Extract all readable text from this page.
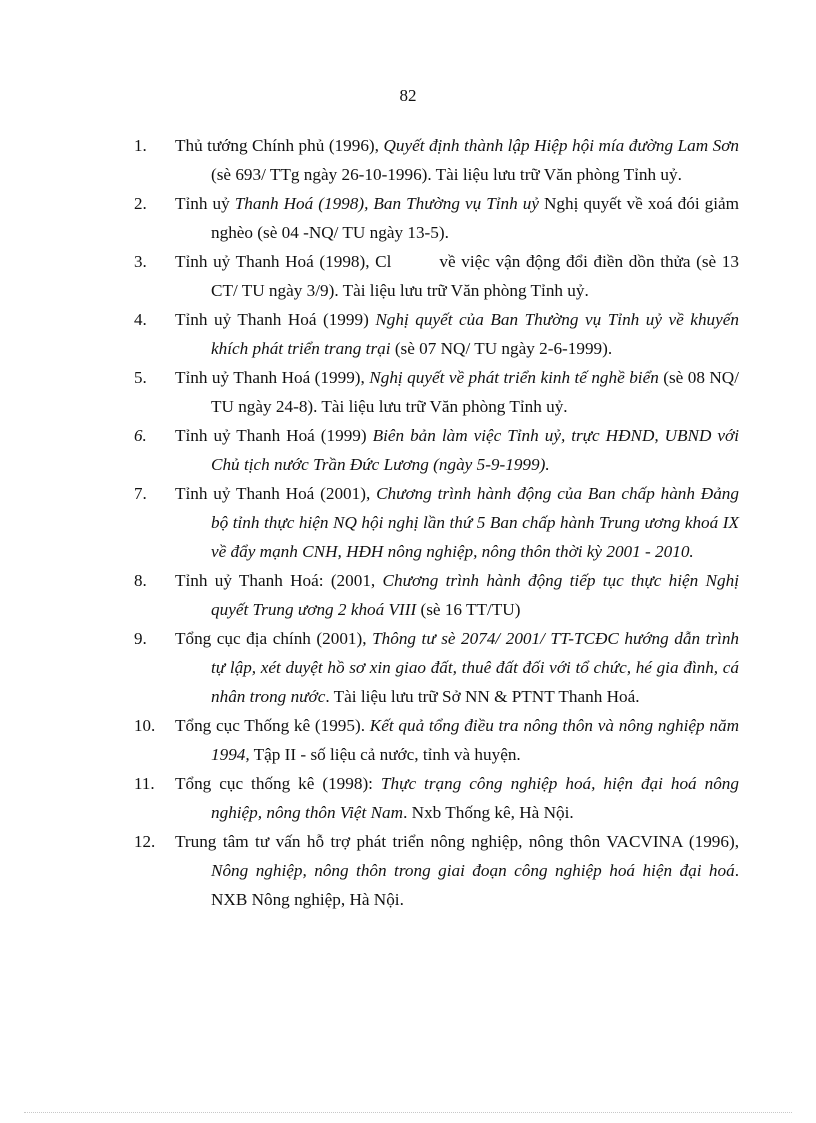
82
1. Thủ tướng Chính phủ (1996), Quyết định thành lập Hiệp hội mía đường Lam Sơn (sè 693/ TTg ngày 26-10-1996). Tài liệu lưu trữ Văn phòng Tỉnh uỷ.
2. Tỉnh uỷ Thanh Hoá (1998), Ban Thường vụ Tỉnh uỷ Nghị quyết về xoá đói giảm nghèo (sè 04 -NQ/ TU ngày 13-5).
3. Tỉnh uỷ Thanh Hoá (1998), Cl	về việc vận động đổi điền dồn thửa (sè 13 CT/ TU ngày 3/9). Tài liệu lưu trữ Văn phòng Tỉnh uỷ.
4. Tỉnh uỷ Thanh Hoá (1999) Nghị quyết của Ban Thường vụ Tỉnh uỷ về khuyến khích phát triển trang trại (sè 07 NQ/ TU ngày 2-6-1999).
5. Tỉnh uỷ Thanh Hoá (1999), Nghị quyết về phát triển kinh tế nghề biển (sè 08 NQ/ TU ngày 24-8). Tài liệu lưu trữ Văn phòng Tỉnh uỷ.
6. Tỉnh uỷ Thanh Hoá (1999) Biên bản làm việc Tỉnh uỷ, trực HĐND, UBND với Chủ tịch nước Trần Đức Lương (ngày 5-9-1999).
7. Tỉnh uỷ Thanh Hoá (2001), Chương trình hành động của Ban chấp hành Đảng bộ tỉnh thực hiện NQ hội nghị lần thứ 5 Ban chấp hành Trung ương khoá IX về đẩy mạnh CNH, HĐH nông nghiệp, nông thôn thời kỳ 2001 - 2010.
8. Tỉnh uỷ Thanh Hoá: (2001, Chương trình hành động tiếp tục thực hiện Nghị quyết Trung ương 2 khoá VIII (sè 16 TT/TU)
9. Tổng cục địa chính (2001), Thông tư sè 2074/ 2001/ TT-TCĐC hướng dẫn trình tự lập, xét duyệt hồ sơ xin giao đất, thuê đất đối với tổ chức, hé gia đình, cá nhân trong nước. Tài liệu lưu trữ Sở NN & PTNT Thanh Hoá.
10. Tổng cục Thống kê (1995). Kết quả tổng điều tra nông thôn và nông nghiệp năm 1994, Tập II - số liệu cả nước, tỉnh và huyện.
11. Tổng cục thống kê (1998): Thực trạng công nghiệp hoá, hiện đại hoá nông nghiệp, nông thôn Việt Nam. Nxb Thống kê, Hà Nội.
12. Trung tâm tư vấn hỗ trợ phát triển nông nghiệp, nông thôn VACVINA (1996), Nông nghiệp, nông thôn trong giai đoạn công nghiệp hoá hiện đại hoá. NXB Nông nghiệp, Hà Nội.
